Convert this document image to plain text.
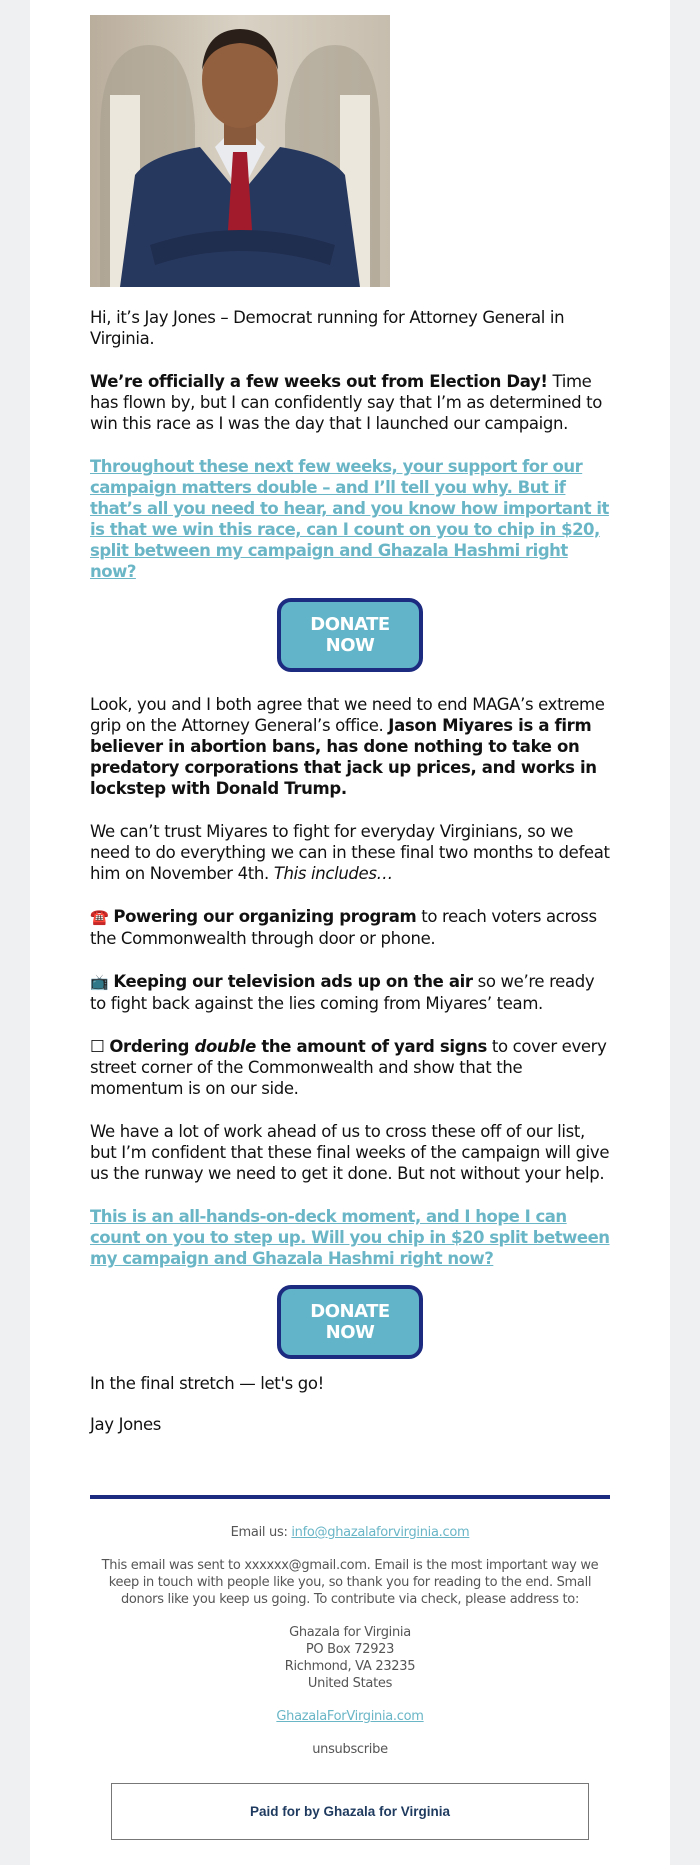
Hi, it’s Jay Jones – Democrat running for Attorney General in Virginia.

We’re officially a few weeks out from Election Day! Time has flown by, but I can confidently say that I’m as determined to win this race as I was the day that I launched our campaign.

Throughout these next few weeks, your support for our campaign matters double – and I’ll tell you why. But if that’s all you need to hear, and you know how important it is that we win this race, can I count on you to chip in $20, split between my campaign and Ghazala Hashmi right now?
DONATE NOW

Look, you and I both agree that we need to end MAGA’s extreme grip on the Attorney General’s office. Jason Miyares is a firm believer in abortion bans, has done nothing to take on predatory corporations that jack up prices, and works in lockstep with Donald Trump.

We can’t trust Miyares to fight for everyday Virginians, so we need to do everything we can in these final two months to defeat him on November 4th. This includes…

☎️ Powering our organizing program to reach voters across the Commonwealth through door or phone.

📺 Keeping our television ads up on the air so we’re ready to fight back against the lies coming from Miyares’ team.

☐ Ordering double the amount of yard signs to cover every street corner of the Commonwealth and show that the momentum is on our side.

We have a lot of work ahead of us to cross these off of our list, but I’m confident that these final weeks of the campaign will give us the runway we need to get it done. But not without your help.

This is an all-hands-on-deck moment, and I hope I can count on you to step up. Will you chip in $20 split between my campaign and Ghazala Hashmi right now?
DONATE NOW

In the final stretch — let's go!

Jay Jones

Email us: info@ghazalaforvirginia.com

This email was sent to xxxxxx@gmail.com. Email is the most important way we keep in touch with people like you, so thank you for reading to the end. Small donors like you keep us going. To contribute via check, please address to:

Ghazala for Virginia
PO Box 72923
Richmond, VA 23235
United States

GhazalaForVirginia.com

unsubscribe

Paid for by Ghazala for Virginia
